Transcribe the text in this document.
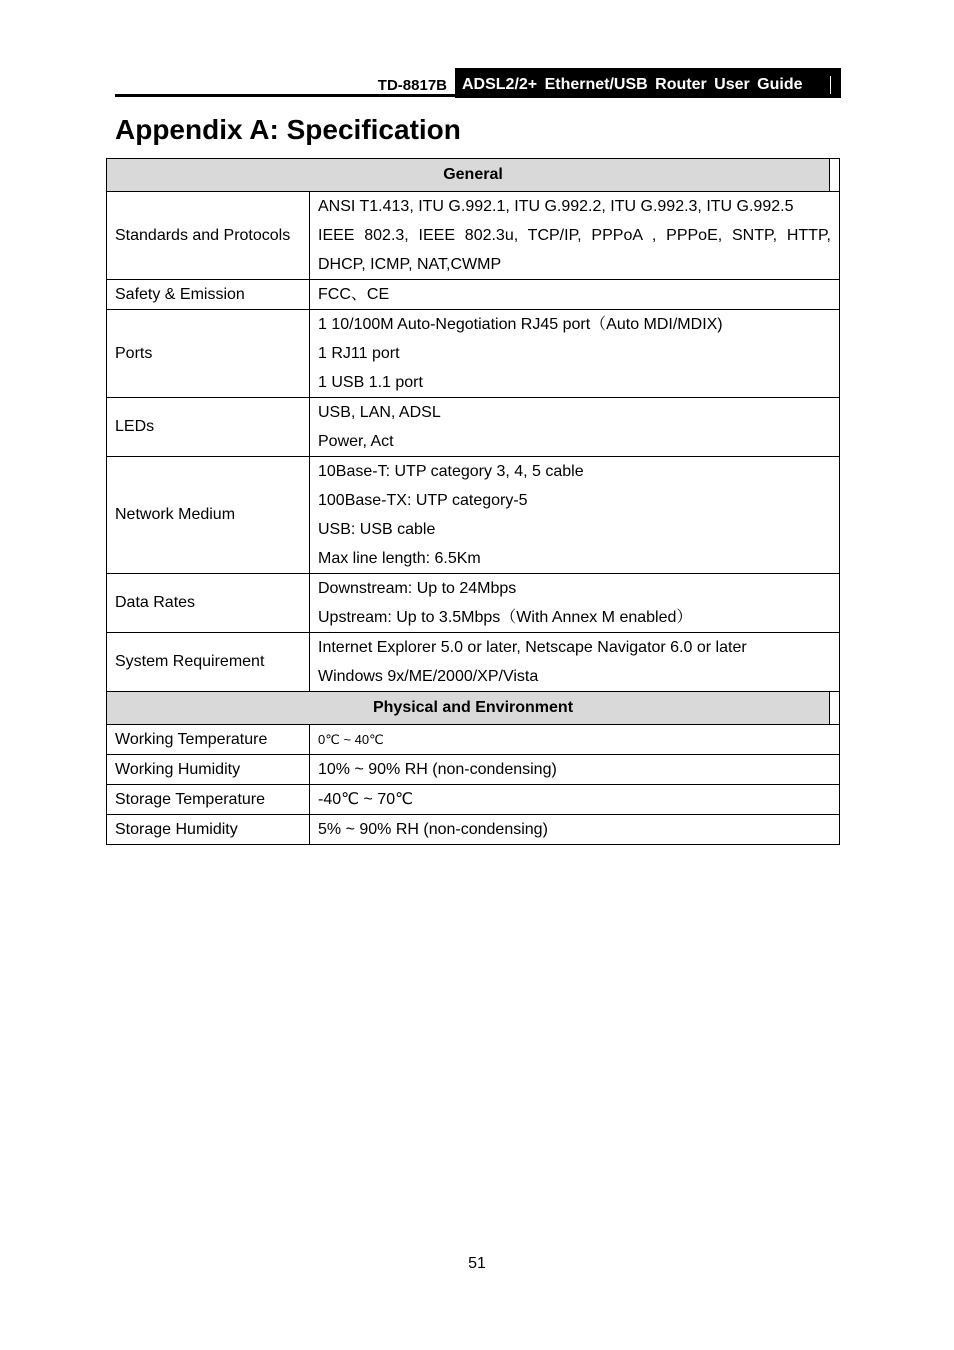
TD-8817B ADSL2/2+ Ethernet/USB Router User Guide
Appendix A: Specification
General	
Standards and Protocols	ANSI T1.413, ITU G.992.1, ITU G.992.2, ITU G.992.3, ITU G.992.5
IEEE 802.3, IEEE 802.3u, TCP/IP, PPPoA , PPPoE, SNTP, HTTP,
DHCP, ICMP, NAT,CWMP

Safety & Emission	FCC、CE

Ports	1 10/100M Auto-Negotiation RJ45 port（Auto MDI/MDIX)
1 RJ11 port
1 USB 1.1 port

LEDs	USB, LAN, ADSL
Power, Act

Network Medium	10Base-T: UTP category 3, 4, 5 cable
100Base-TX: UTP category-5
USB: USB cable
Max line length: 6.5Km

Data Rates	Downstream: Up to 24Mbps
Upstream: Up to 3.5Mbps（With Annex M enabled）

System Requirement	Internet Explorer 5.0 or later, Netscape Navigator 6.0 or later
Windows 9x/ME/2000/XP/Vista

Physical and Environment	
Working Temperature	0℃ ~ 40℃

Working Humidity	10% ~ 90% RH (non-condensing)

Storage Temperature	-40℃ ~ 70℃

Storage Humidity	5% ~ 90% RH (non-condensing)
51
